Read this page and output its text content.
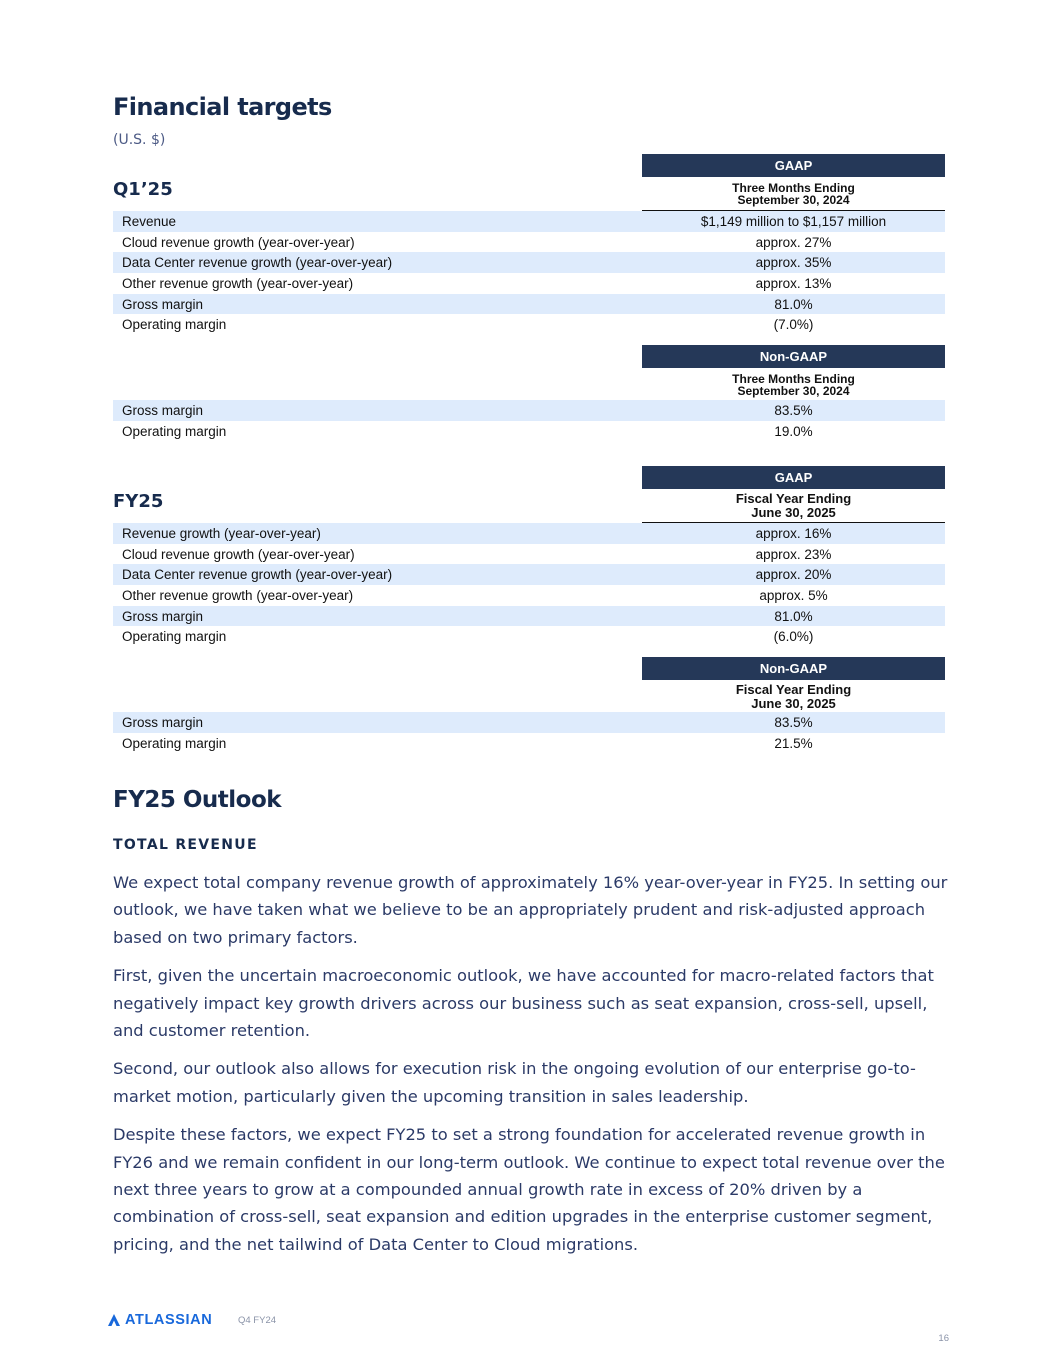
Financial targets
(U.S. $)
Q1’25
GAAP
Three Months Ending
September 30, 2024
Revenue	$1,149 million to $1,157 million
Cloud revenue growth (year-over-year)	approx. 27%
Data Center revenue growth (year-over-year)	approx. 35%
Other revenue growth (year-over-year)	approx. 13%
Gross margin	81.0%
Operating margin	(7.0%)
Non-GAAP
Three Months Ending
September 30, 2024
Gross margin	83.5%
Operating margin	19.0%
FY25
GAAP
Fiscal Year Ending
June 30, 2025
Revenue growth (year-over-year)	approx. 16%
Cloud revenue growth (year-over-year)	approx. 23%
Data Center revenue growth (year-over-year)	approx. 20%
Other revenue growth (year-over-year)	approx. 5%
Gross margin	81.0%
Operating margin	(6.0%)
Non-GAAP
Fiscal Year Ending
June 30, 2025
Gross margin	83.5%
Operating margin	21.5%
FY25 Outlook
TOTAL REVENUE

We expect total company revenue growth of approximately 16% year-over-year in FY25. In setting our outlook, we have taken what we believe to be an appropriately prudent and risk-adjusted approach based on two primary factors.

First, given the uncertain macroeconomic outlook, we have accounted for macro-related factors that negatively impact key growth drivers across our business such as seat expansion, cross-sell, upsell, and customer retention.

Second, our outlook also allows for execution risk in the ongoing evolution of our enterprise go-to-market motion, particularly given the upcoming transition in sales leadership.

Despite these factors, we expect FY25 to set a strong foundation for accelerated revenue growth in FY26 and we remain confident in our long-term outlook. We continue to expect total revenue over the next three years to grow at a compounded annual growth rate in excess of 20% driven by a combination of cross-sell, seat expansion and edition upgrades in the enterprise customer segment, pricing, and the net tailwind of Data Center to Cloud migrations.

ATLASSIAN	Q4 FY24
16
